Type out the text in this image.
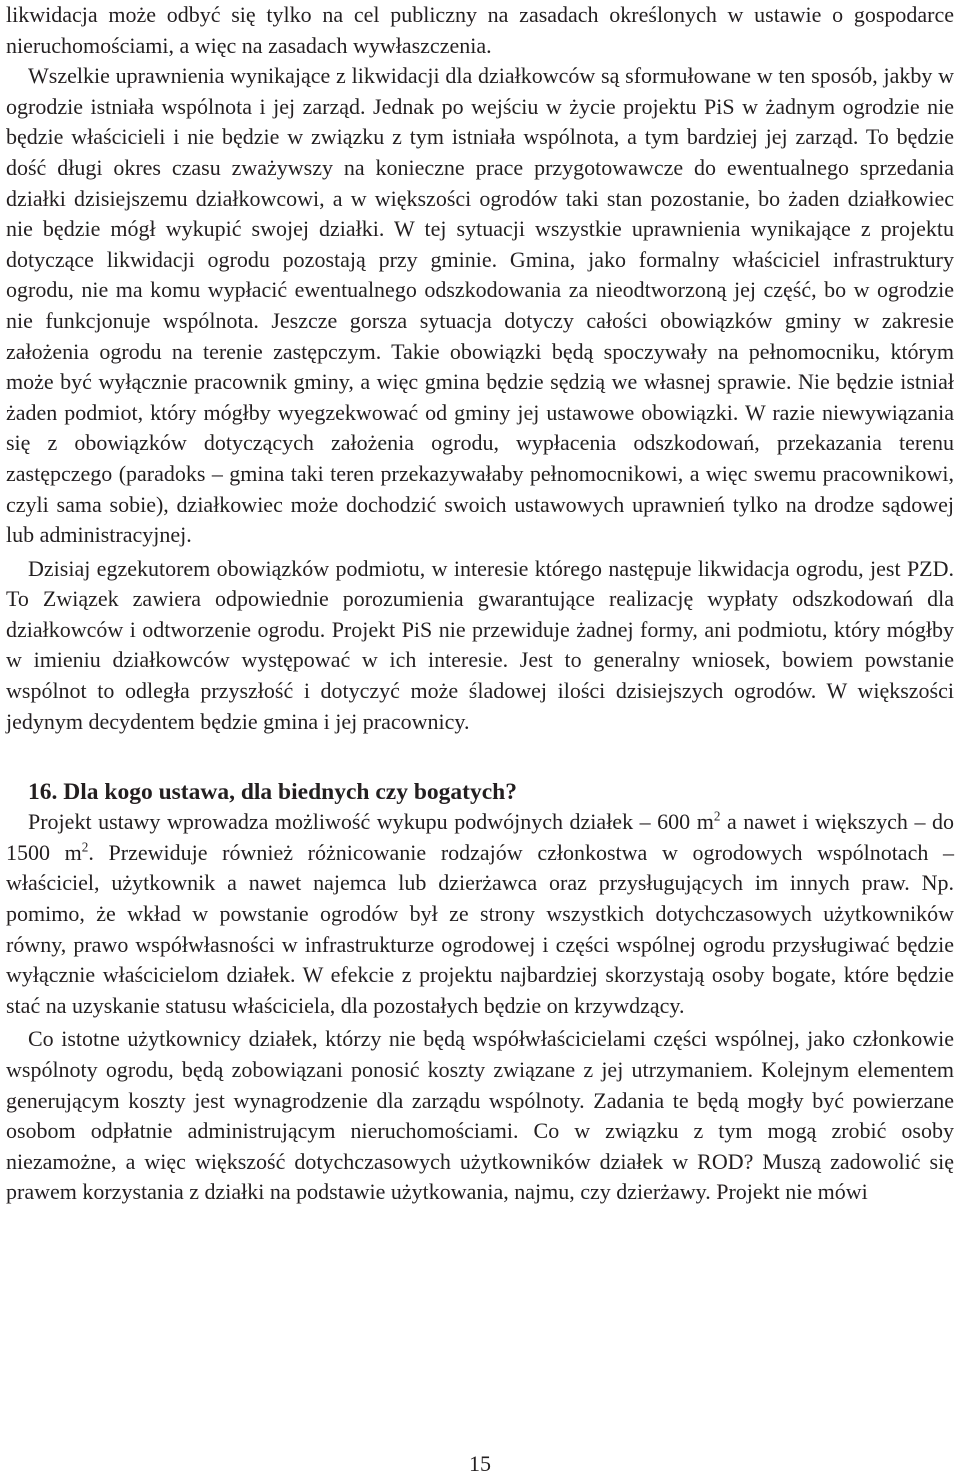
likwidacja może odbyć się tylko na cel publiczny na zasadach określonych w ustawie o gospodarce nieruchomościami, a więc na zasadach wywłaszczenia.

Wszelkie uprawnienia wynikające z likwidacji dla działkowców są sformułowane w ten sposób, jakby w ogrodzie istniała wspólnota i jej zarząd. Jednak po wejściu w życie projektu PiS w żadnym ogrodzie nie będzie właścicieli i nie będzie w związku z tym istniała wspólnota, a tym bardziej jej zarząd. To będzie dość długi okres czasu zważywszy na konieczne prace przygotowawcze do ewentualnego sprzedania działki dzisiejszemu działkowcowi, a w większości ogrodów taki stan pozostanie, bo żaden działkowiec nie będzie mógł wykupić swojej działki. W tej sytuacji wszystkie uprawnienia wynikające z projektu dotyczące likwidacji ogrodu pozostają przy gminie. Gmina, jako formalny właściciel infrastruktury ogrodu, nie ma komu wypłacić ewentualnego odszkodowania za nieodtworzoną jej część, bo w ogrodzie nie funkcjonuje wspólnota. Jeszcze gorsza sytuacja dotyczy całości obowiązków gminy w zakresie założenia ogrodu na terenie zastępczym. Takie obowiązki będą spoczywały na pełnomocniku, którym może być wyłącznie pracownik gminy, a więc gmina będzie sędzią we własnej sprawie. Nie będzie istniał żaden podmiot, który mógłby wyegzekwować od gminy jej ustawowe obowiązki. W razie niewywiązania się z obowiązków dotyczących założenia ogrodu, wypłacenia odszkodowań, przekazania terenu zastępczego (paradoks – gmina taki teren przekazywałaby pełnomocnikowi, a więc swemu pracownikowi, czyli sama sobie), działkowiec może dochodzić swoich ustawowych uprawnień tylko na drodze sądowej lub administracyjnej.

Dzisiaj egzekutorem obowiązków podmiotu, w interesie którego następuje likwidacja ogrodu, jest PZD. To Związek zawiera odpowiednie porozumienia gwarantujące realizację wypłaty odszkodowań dla działkowców i odtworzenie ogrodu. Projekt PiS nie przewiduje żadnej formy, ani podmiotu, który mógłby w imieniu działkowców występować w ich interesie. Jest to generalny wniosek, bowiem powstanie wspólnot to odległa przyszłość i dotyczyć może śladowej ilości dzisiejszych ogrodów. W większości jedynym decydentem będzie gmina i jej pracownicy.

16. Dla kogo ustawa, dla biednych czy bogatych?

Projekt ustawy wprowadza możliwość wykupu podwójnych działek – 600 $m^2$ a nawet i większych – do 1500 $m^2$. Przewiduje również różnicowanie rodzajów członkostwa w ogrodowych wspólnotach – właściciel, użytkownik a nawet najemca lub dzierżawca oraz przysługujących im innych praw. Np. pomimo, że wkład w powstanie ogrodów był ze strony wszystkich dotychczasowych użytkowników równy, prawo współwłasności w infrastrukturze ogrodowej i części wspólnej ogrodu przysługiwać będzie wyłącznie właścicielom działek. W efekcie z projektu najbardziej skorzystają osoby bogate, które będzie stać na uzyskanie statusu właściciela, dla pozostałych będzie on krzywdzący.

Co istotne użytkownicy działek, którzy nie będą współwłaścicielami części wspólnej, jako członkowie wspólnoty ogrodu, będą zobowiązani ponosić koszty związane z jej utrzymaniem. Kolejnym elementem generującym koszty jest wynagrodzenie dla zarządu wspólnoty. Zadania te będą mogły być powierzane osobom odpłatnie administrującym nieruchomościami. Co w związku z tym mogą zrobić osoby niezamożne, a więc większość dotychczasowych użytkowników działek w ROD? Muszą zadowolić się prawem korzystania z działki na podstawie użytkowania, najmu, czy dzierżawy. Projekt nie mówi

15
